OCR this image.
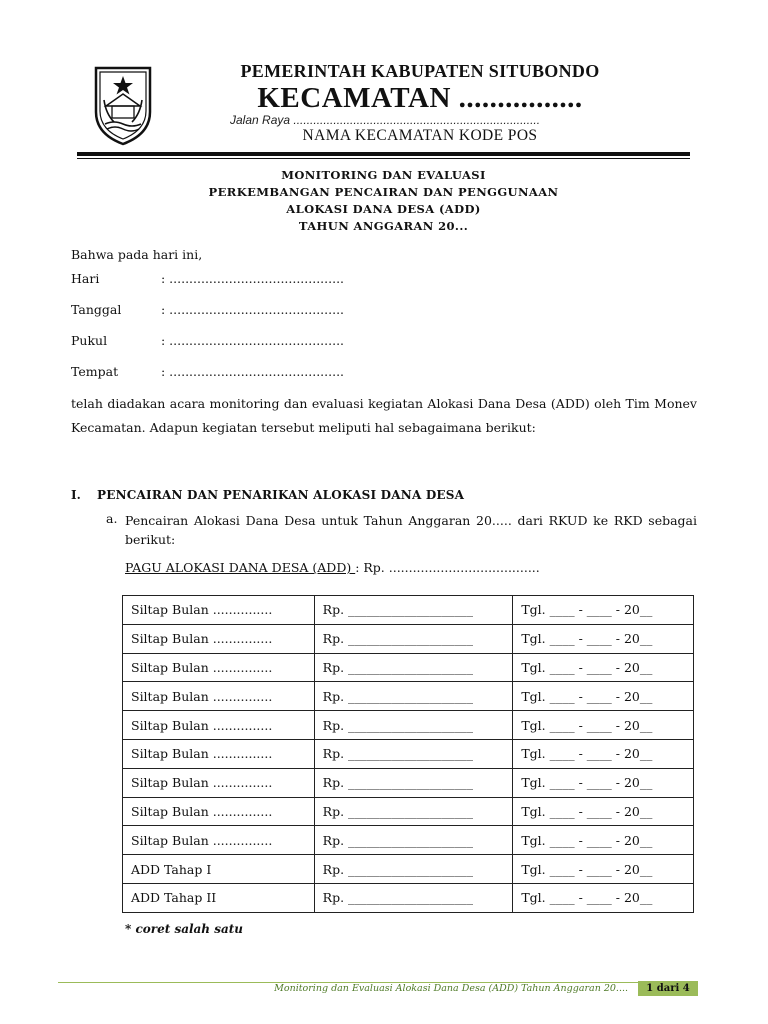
PEMERINTAH KABUPATEN SITUBONDO
KECAMATAN ................
Jalan Raya ..........................................................................
NAMA KECAMATAN KODE POS
MONITORING DAN EVALUASI
PERKEMBANGAN PENCAIRAN DAN PENGGUNAAN
ALOKASI DANA DESA (ADD)
TAHUN ANGGARAN 20...
Bahwa pada hari ini,
Hari	: ............................................
Tanggal	: ............................................
Pukul	: ............................................
Tempat	: ............................................
telah diadakan acara monitoring dan evaluasi kegiatan Alokasi Dana Desa (ADD) oleh Tim Monev Kecamatan. Adapun kegiatan tersebut meliputi hal sebagaimana berikut:
I. PENCAIRAN DAN PENARIKAN ALOKASI DANA DESA
a. Pencairan Alokasi Dana Desa untuk Tahun Anggaran 20..... dari RKUD ke RKD sebagai berikut:
PAGU ALOKASI DANA DESA (ADD) : Rp. ......................................
Siltap Bulan ...............	Rp. ____________________	Tgl. ____ - ____ - 20__
Siltap Bulan ...............	Rp. ____________________	Tgl. ____ - ____ - 20__
Siltap Bulan ...............	Rp. ____________________	Tgl. ____ - ____ - 20__
Siltap Bulan ...............	Rp. ____________________	Tgl. ____ - ____ - 20__
Siltap Bulan ...............	Rp. ____________________	Tgl. ____ - ____ - 20__
Siltap Bulan ...............	Rp. ____________________	Tgl. ____ - ____ - 20__
Siltap Bulan ...............	Rp. ____________________	Tgl. ____ - ____ - 20__
Siltap Bulan ...............	Rp. ____________________	Tgl. ____ - ____ - 20__
Siltap Bulan ...............	Rp. ____________________	Tgl. ____ - ____ - 20__
ADD Tahap I	Rp. ____________________	Tgl. ____ - ____ - 20__
ADD Tahap II	Rp. ____________________	Tgl. ____ - ____ - 20__
* coret salah satu
Monitoring dan Evaluasi Alokasi Dana Desa (ADD) Tahun Anggaran 20....	1 dari 4
